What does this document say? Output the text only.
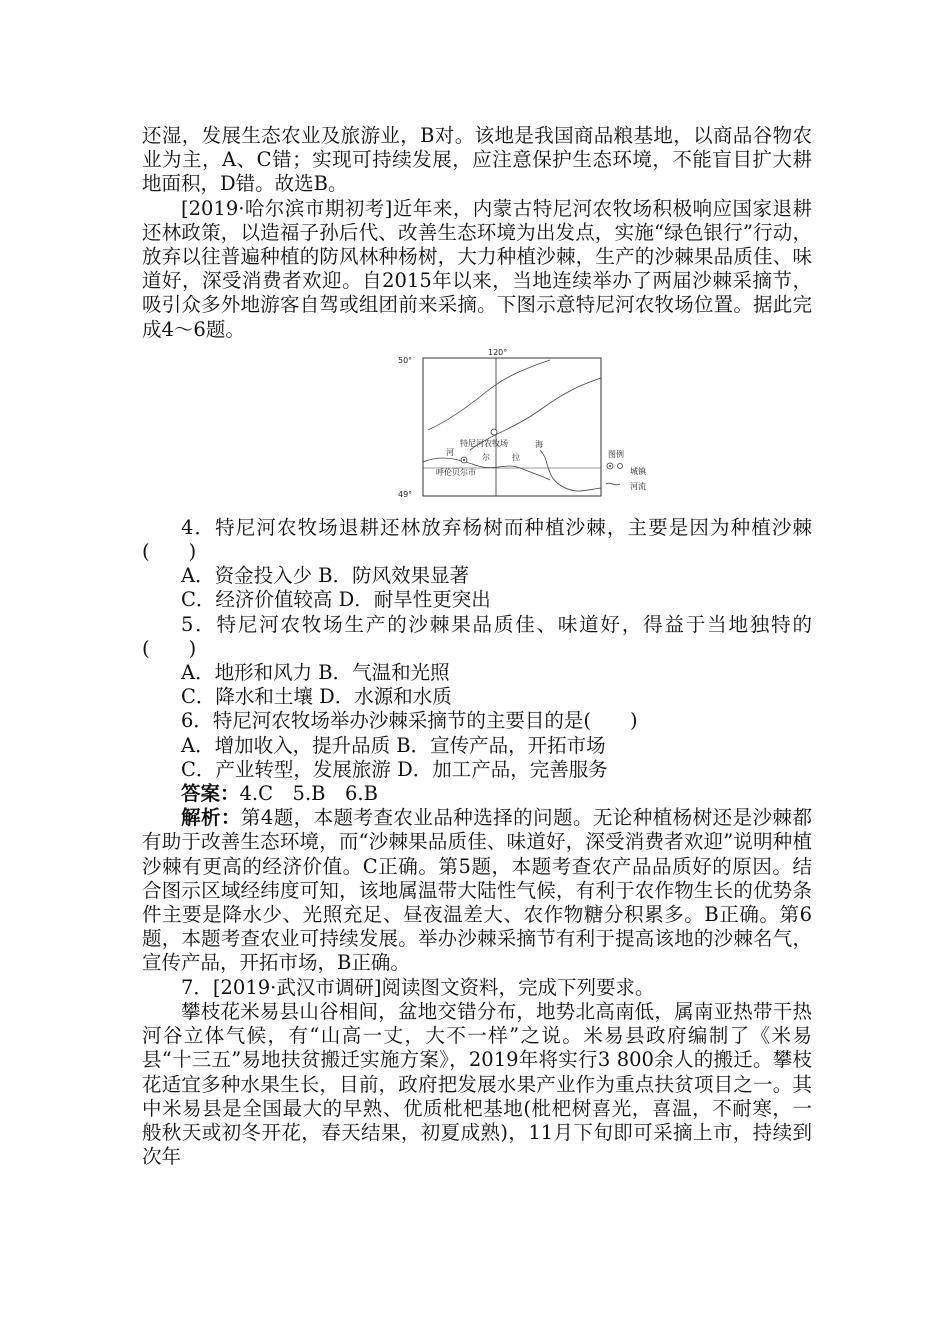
还湿，发展生态农业及旅游业，B对。该地是我国商品粮基地，以商品谷物农业为主，A、C错；实现可持续发展，应注意保护生态环境，不能盲目扩大耕地面积，D错。故选B。

[2019·哈尔滨市期初考]近年来，内蒙古特尼河农牧场积极响应国家退耕还林政策，以造福子孙后代、改善生态环境为出发点，实施“绿色银行”行动，放弃以往普遍种植的防风林种杨树，大力种植沙棘，生产的沙棘果品质佳、味道好，深受消费者欢迎。自2015年以来，当地连续举办了两届沙棘采摘节，吸引众多外地游客自驾或组团前来采摘。下图示意特尼河农牧场位置。据此完成4～6题。

120°
50°
49°
特尼河农牧场	海
拉
尔
河
呼伦贝尔市
图例
城镇
河流

4．特尼河农牧场退耕还林放弃杨树而种植沙棘，主要是因为种植沙棘(　　)

A．资金投入少 B．防风效果显著

C．经济价值较高 D．耐旱性更突出

5．特尼河农牧场生产的沙棘果品质佳、味道好，得益于当地独特的(　　)

A．地形和风力 B．气温和光照

C．降水和土壤 D．水源和水质

6．特尼河农牧场举办沙棘采摘节的主要目的是(　　)

A．增加收入，提升品质 B．宣传产品，开拓市场

C．产业转型，发展旅游 D．加工产品，完善服务

答案：4.C　5.B　6.B

解析：第4题，本题考查农业品种选择的问题。无论种植杨树还是沙棘都有助于改善生态环境，而“沙棘果品质佳、味道好，深受消费者欢迎”说明种植沙棘有更高的经济价值。C正确。第5题，本题考查农产品品质好的原因。结合图示区域经纬度可知，该地属温带大陆性气候，有利于农作物生长的优势条件主要是降水少、光照充足、昼夜温差大、农作物糖分积累多。B正确。第6题，本题考查农业可持续发展。举办沙棘采摘节有利于提高该地的沙棘名气，宣传产品，开拓市场，B正确。

7．[2019·武汉市调研]阅读图文资料，完成下列要求。

攀枝花米易县山谷相间，盆地交错分布，地势北高南低，属南亚热带干热河谷立体气候，有“山高一丈，大不一样”之说。米易县政府编制了《米易县“十三五”易地扶贫搬迁实施方案》，2019年将实行3 800余人的搬迁。攀枝花适宜多种水果生长，目前，政府把发展水果产业作为重点扶贫项目之一。其中米易县是全国最大的早熟、优质枇杷基地(枇杷树喜光，喜温，不耐寒，一般秋天或初冬开花，春天结果，初夏成熟)，11月下旬即可采摘上市，持续到次年
